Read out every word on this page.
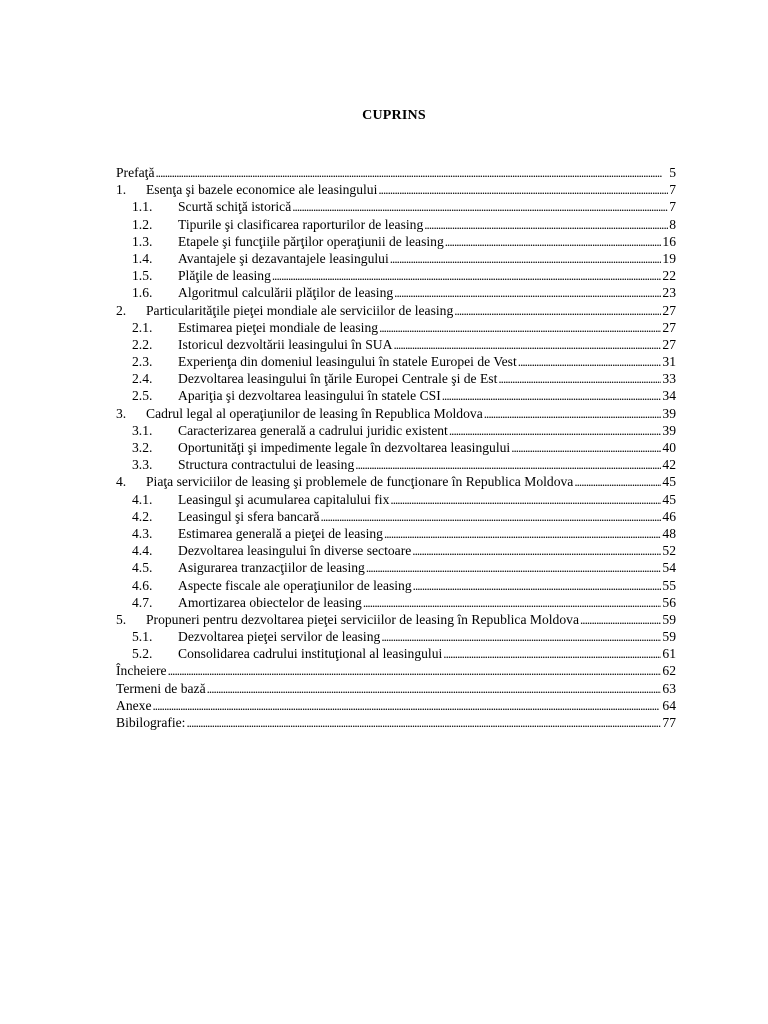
CUPRINS
Prefaţă . . .	5
1.	Esenţa şi bazele economice ale leasingului . . .	7
1.1.	Scurtă schiţă istorică . . .	7
1.2.	Tipurile şi clasificarea raporturilor de leasing . . .	8
1.3.	Etapele şi funcţiile părţilor operaţiunii de leasing . . .	16
1.4.	Avantajele şi dezavantajele leasingului . . .	19
1.5.	Plăţile de leasing . . .	22
1.6.	Algoritmul calculării plăţilor de leasing . . .	23
2.	Particularităţile pieţei mondiale ale serviciilor de leasing . . .	27
2.1.	Estimarea pieţei mondiale de leasing . . .	27
2.2.	Istoricul dezvoltării leasingului în SUA . . .	27
2.3.	Experienţa din domeniul leasingului în statele Europei de Vest . . .	31
2.4.	Dezvoltarea leasingului în ţările Europei Centrale şi de Est . . .	33
2.5.	Apariţia şi dezvoltarea leasingului în statele CSI . . .	34
3.	Cadrul legal al operaţiunilor de leasing în Republica Moldova . . .	39
3.1.	Caracterizarea generală a cadrului juridic existent . . .	39
3.2.	Oportunităţi şi impedimente legale în dezvoltarea leasingului . . .	40
3.3.	Structura contractului de leasing . . .	42
4.	Piaţa serviciilor de leasing şi problemele de funcţionare în Republica Moldova . . .	45
4.1.	Leasingul şi acumularea capitalului fix . . .	45
4.2.	Leasingul şi sfera bancară . . .	46
4.3.	Estimarea generală a pieţei de leasing . . .	48
4.4.	Dezvoltarea leasingului în diverse sectoare . . .	52
4.5.	Asigurarea tranzacţiilor de leasing . . .	54
4.6.	Aspecte fiscale ale operaţiunilor de leasing . . .	55
4.7.	Amortizarea obiectelor de leasing . . .	56
5.	Propuneri pentru dezvoltarea pieţei serviciilor de leasing în Republica Moldova . . .	59
5.1.	Dezvoltarea pieţei servilor de leasing . . .	59
5.2.	Consolidarea cadrului instituţional al leasingului . . .	61
Încheiere . . .	62
Termeni de bază . . .	63
Anexe . . .	64
Bibilografie: . . .	77
